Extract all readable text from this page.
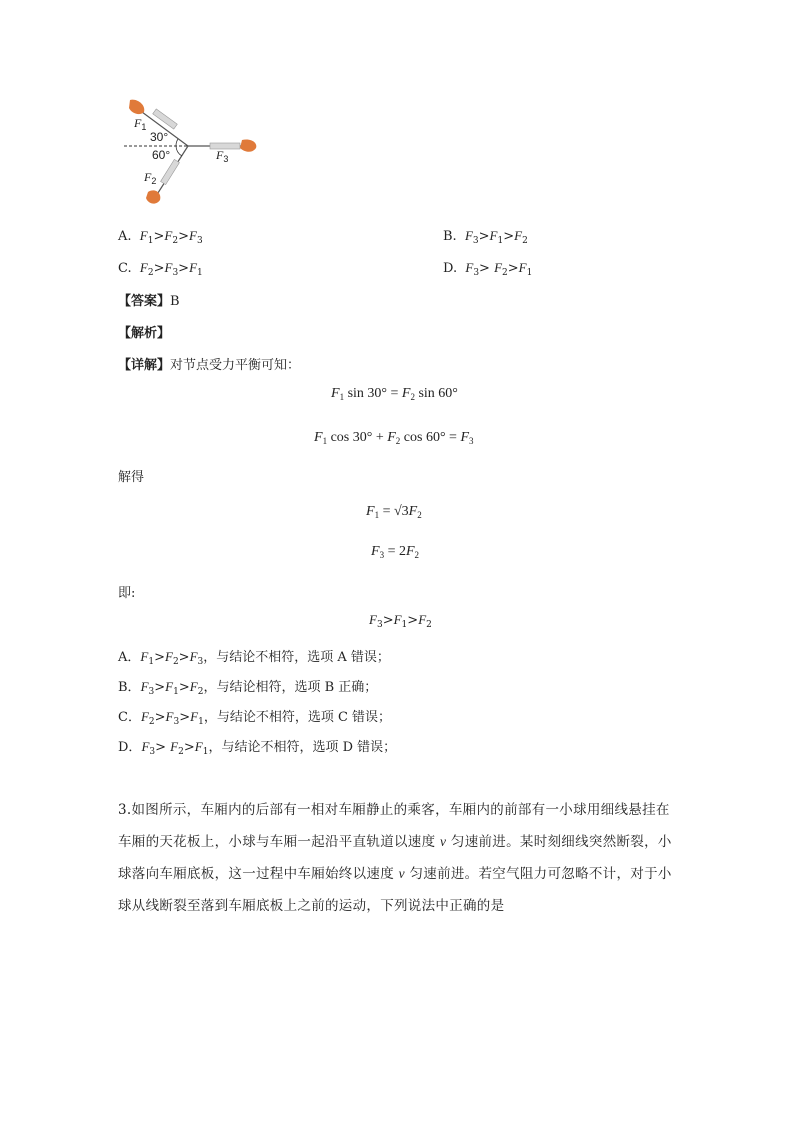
$F_1$
30°
60°	$F_3$
$F_2$
A. $F_1>F_2>F_3$	B. $F_3>F_1>F_2$
C. $F_2>F_3>F_1$	D. $F_3> F_2>F_1$
【答案】B
【解析】
【详解】对节点受力平衡可知：
$F_1$ $\sin 30^\circ = F_2$ sin 60°
$F_1$ $\cos 30^\circ + F_2$ $\cos 60^\circ = F_3$
解得
$F_1 = √3F_2$
$F_3 = 2F_2$
即:
$F_3>F_1>F_2$
A．$F_1>F_2>F_3$，与结论不相符，选项 A 错误；
B．$F_3>F_1>F_2$，与结论相符，选项 B 正确；
C．$F_2>F_3>F_1$，与结论不相符，选项 C 错误；
D．$F_3> F_2>F_1$，与结论不相符，选项 D 错误；
3.如图所示，车厢内的后部有一相对车厢静止的乘客，车厢内的前部有一小球用细线悬挂在车厢的天花板上，小球与车厢一起沿平直轨道以速度 v 匀速前进。某时刻细线突然断裂，小球落向车厢底板，这一过程中车厢始终以速度 v 匀速前进。若空气阻力可忽略不计，对于小球从线断裂至落到车厢底板上之前的运动，下列说法中正确的是
